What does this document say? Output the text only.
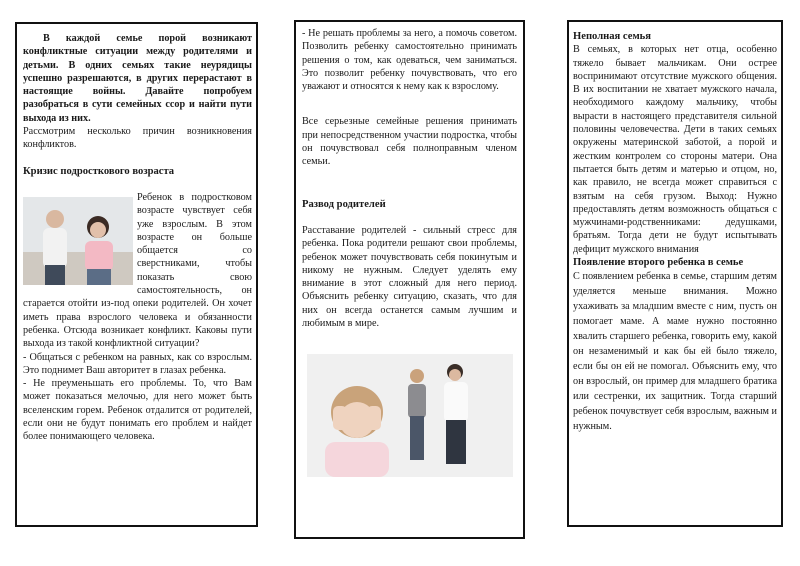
В каждой семье порой возникают конфликтные ситуации между родителями и детьми. В одних семьях такие неурядицы успешно разрешаются, в других перерастают в настоящие войны. Давайте попробуем разобраться в сути семейных ссор и найти пути выхода из них.

Рассмотрим несколько причин возникновения конфликтов.

Кризис подросткового возраста

Ребенок в подростковом возрасте чувствует себя уже взрослым. В этом возрасте он больше общается со сверстниками, чтобы показать свою самостоятельность, он старается отойти из-под опеки родителей. Он хочет иметь права взрослого человека и обязанности ребенка. Отсюда возникает конфликт. Каковы пути выхода из такой конфликтной ситуации?

- Общаться с ребенком на равных, как со взрослым. Это поднимет Ваш авторитет в глазах ребенка.

- Не преуменьшать его проблемы. То, что Вам может показаться мелочью, для него может быть вселенским горем. Ребенок отдалится от родителей, если они не будут понимать его проблем и найдет более понимающего человека.

- Не решать проблемы за него, а помочь советом. Позволить ребенку самостоятельно принимать решения о том, как одеваться, чем заниматься. Это позволит ребенку почувствовать, что его уважают и относятся к нему как к взрослому.

Все серьезные семейные решения принимать при непосредственном участии подростка, чтобы он почувствовал себя полноправным членом семьи.

Развод родителей

Расставание родителей - сильный стресс для ребенка. Пока родители решают свои проблемы, ребенок может почувствовать себя покинутым и никому не нужным. Следует уделять ему внимание в этот сложный для него период. Объяснить ребенку ситуацию, сказать, что для них он всегда останется самым лучшим и любимым в мире.

Неполная семья

В семьях, в которых нет отца, особенно тяжело бывает мальчикам. Они острее воспринимают отсутствие мужского общения. В их воспитании не хватает мужского начала, необходимого каждому мальчику, чтобы вырасти в настоящего представителя сильной половины человечества. Дети в таких семьях окружены материнской заботой, а порой и жестким контролем со стороны матери. Она пытается быть детям и матерью и отцом, но, как правило, не всегда может справиться с взятым на себя грузом. Выход: Нужно предоставлять детям возможность общаться с мужчинами-родственниками: дедушками, братьям. Тогда дети не будут испытывать дефицит мужского внимания

Появление второго ребенка в семье

С появлением ребенка в семье, старшим детям уделяется меньше внимания. Можно ухаживать за младшим вместе с ним, пусть он помогает маме. А маме нужно постоянно хвалить старшего ребенка, говорить ему, какой он незаменимый и как бы ей было тяжело, если бы он ей не помогал. Объяснить ему, что он взрослый, он пример для младшего братика или сестренки, их защитник. Тогда старший ребенок почувствует себя взрослым, важным и нужным.
